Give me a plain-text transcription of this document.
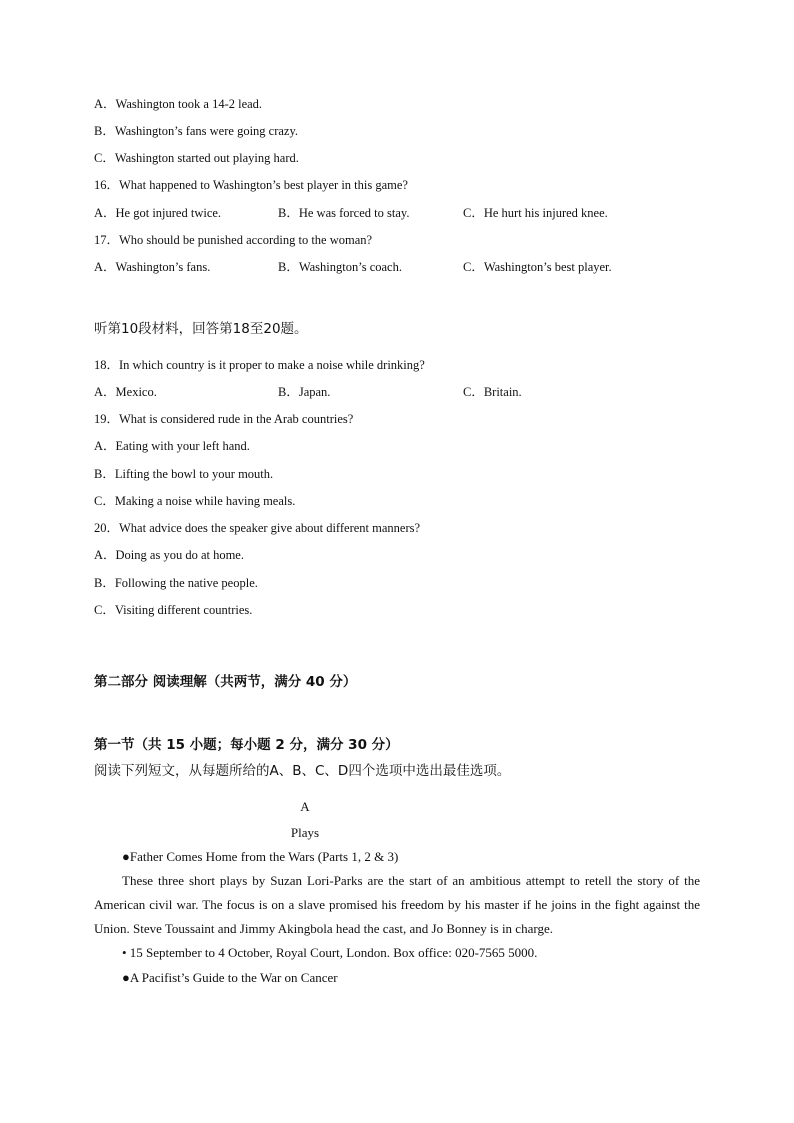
A．Washington took a 14-2 lead.
B．Washington’s fans were going crazy.
C．Washington started out playing hard.
16．What happened to Washington’s best player in this game?
A．He got injured twice.	B．He was forced to stay.	C．He hurt his injured knee.
17．Who should be punished according to the woman?
A．Washington’s fans.	B．Washington’s coach.	C．Washington’s best player.
听第10段材料，回答第18至20题。
18．In which country is it proper to make a noise while drinking?
A．Mexico.	B．Japan.	C．Britain.
19．What is considered rude in the Arab countries?
A．Eating with your left hand.
B．Lifting the bowl to your mouth.
C．Making a noise while having meals.
20．What advice does the speaker give about different manners?
A．Doing as you do at home.
B．Following the native people.
C．Visiting different countries.
第二部分 阅读理解（共两节，满分 40 分）
第一节（共 15 小题；每小题 2 分，满分 30 分）
阅读下列短文，从每题所给的A、B、C、D四个选项中选出最佳选项。
A
Plays
●Father Comes Home from the Wars (Parts 1, 2 & 3)
These three short plays by Suzan Lori-Parks are the start of an ambitious attempt to retell the story of the American civil war. The focus is on a slave promised his freedom by his master if he joins in the fight against the Union. Steve Toussaint and Jimmy Akingbola head the cast, and Jo Bonney is in charge.
• 15 September to 4 October, Royal Court, London. Box office: 020-7565 5000.
●A Pacifist’s Guide to the War on Cancer
